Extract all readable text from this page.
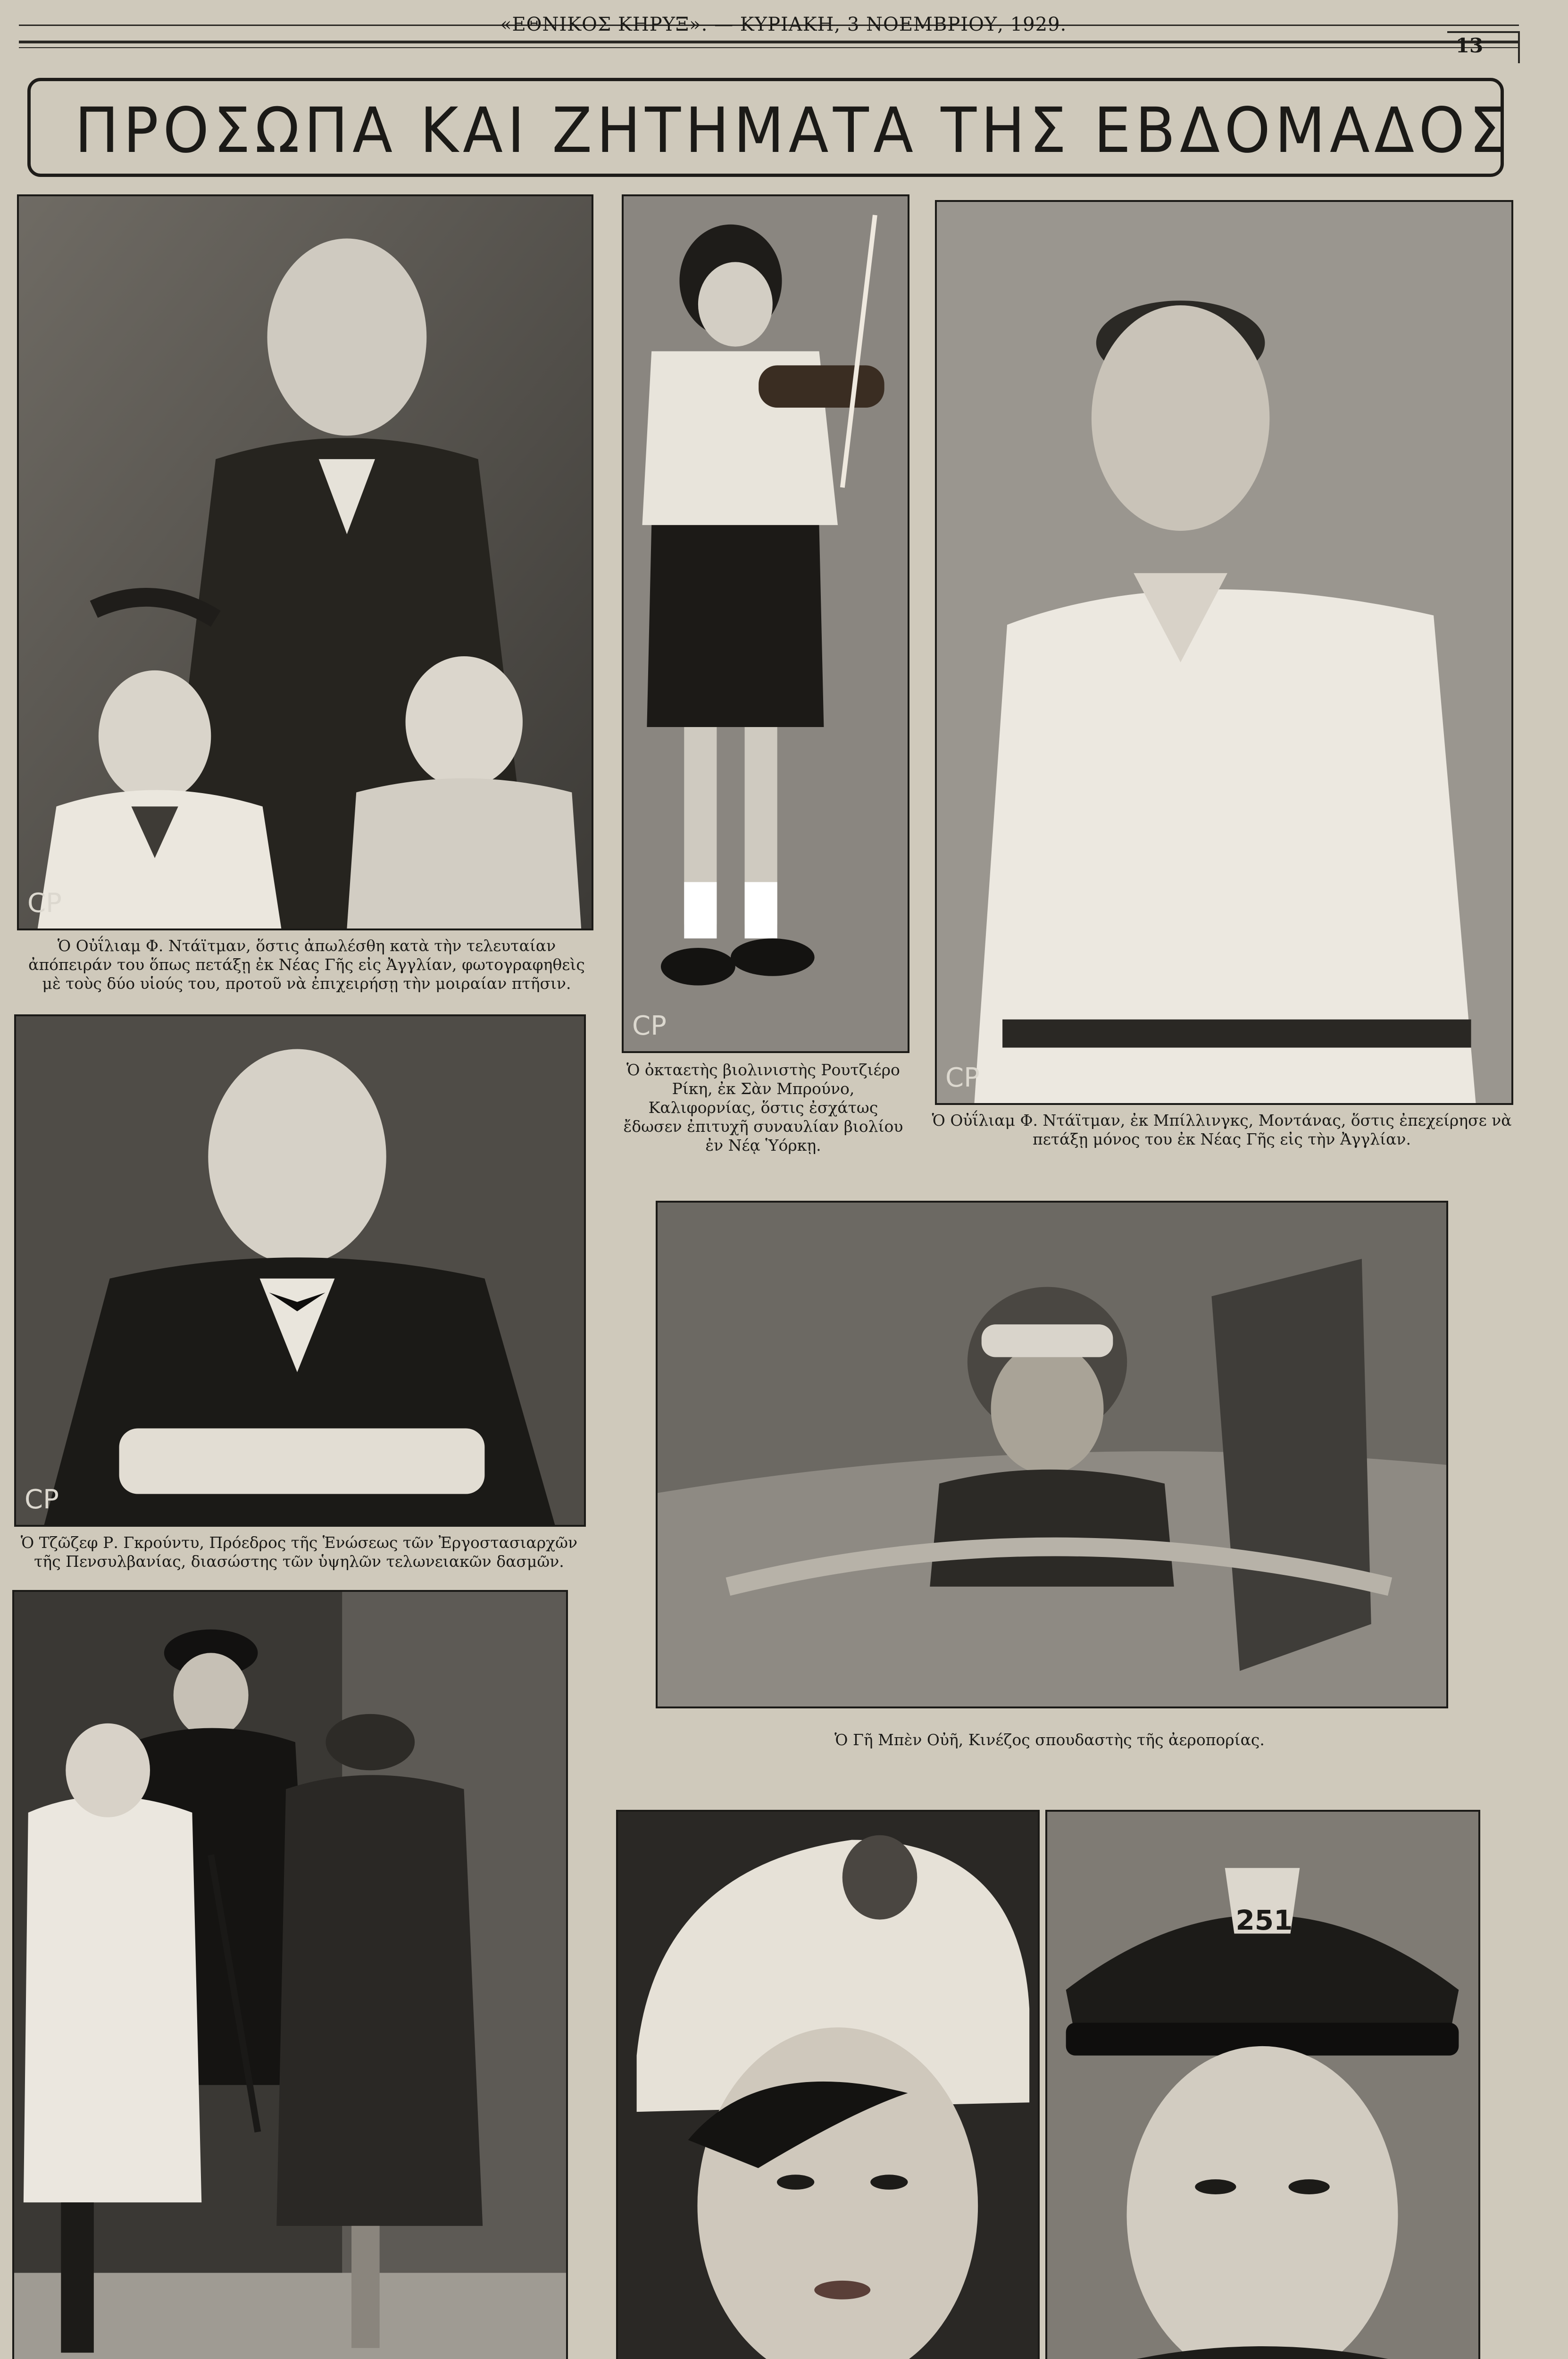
«ΕΘΝΙΚΟΣ ΚΗΡΥΞ». — ΚΥΡΙΑΚΗ, 3 ΝΟΕΜΒΡΙΟΥ, 1929.
13
ΠΡΟΣΩΠΑ ΚΑΙ ΖΗΤΗΜΑΤΑ ΤΗΣ ΕΒΔΟΜΑΔΟΣ
CP
Ὁ Οὐΐλιαμ Φ. Ντάϊτμαν, ὅστις ἀπωλέσθη κατὰ τὴν τελευταίαν ἀπόπειράν του ὅπως πετάξῃ ἐκ Νέας Γῆς εἰς Ἀγγλίαν, φωτογραφηθεὶς μὲ τοὺς δύο υἱούς του, πρoτοῦ νὰ ἐπιχειρήσῃ τὴν μοιραίαν πτῆσιν.
CP
Ὁ ὀκταετὴς βιολινιστὴς Ρουτζιέρο Ρίκη, ἐκ Σὰν Μπρούνο, Καλιφορνίας, ὅστις ἐσχάτως ἔδωσεν ἐπιτυχῆ συναυλίαν βιολίου ἐν Νέᾳ Ὑόρκῃ.
CP
Ὁ Οὐΐλιαμ Φ. Ντάϊτμαν, ἐκ Μπίλλινγκς, Μοντάνας, ὅστις ἐπεχείρησε νὰ πετάξῃ μόνος του ἐκ Νέας Γῆς εἰς τὴν Ἀγγλίαν.
CP
Ὁ Τζῶζεφ Ρ. Γκρούντυ, Πρόεδρος τῆς Ἑνώσεως τῶν Ἐργοστασιαρχῶν τῆς Πενσυλβανίας, διασώστης τῶν ὑψηλῶν τελωνειακῶν δασμῶν.
Ὁ Γῆ Μπὲν Οὐῆ, Κινέζος σπουδαστὴς τῆς ἀεροπορίας.
251
